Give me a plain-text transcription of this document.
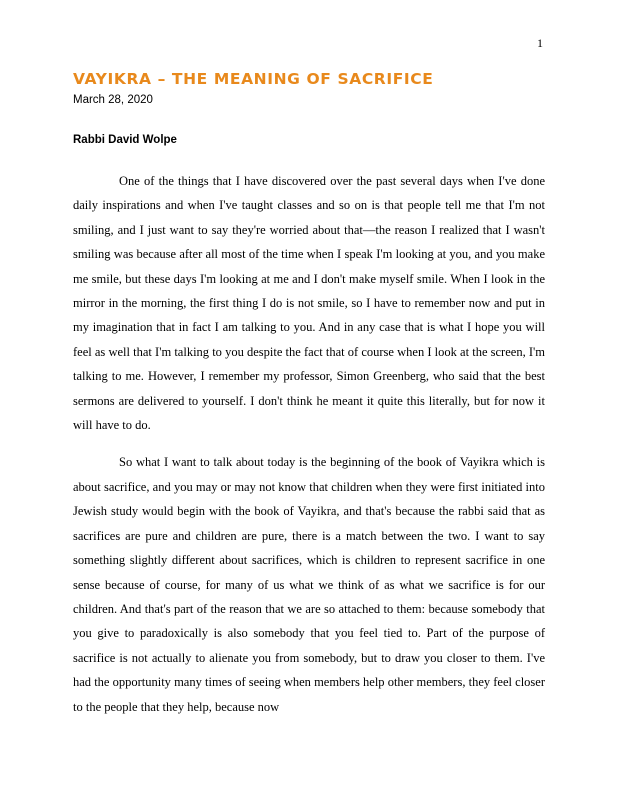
1

VAYIKRA – THE MEANING OF SACRIFICE

March 28, 2020

Rabbi David Wolpe

One of the things that I have discovered over the past several days when I've done daily inspirations and when I've taught classes and so on is that people tell me that I'm not smiling, and I just want to say they're worried about that—the reason I realized that I wasn't smiling was because after all most of the time when I speak I'm looking at you, and you make me smile, but these days I'm looking at me and I don't make myself smile. When I look in the mirror in the morning, the first thing I do is not smile, so I have to remember now and put in my imagination that in fact I am talking to you. And in any case that is what I hope you will feel as well that I'm talking to you despite the fact that of course when I look at the screen, I'm talking to me. However, I remember my professor, Simon Greenberg, who said that the best sermons are delivered to yourself. I don't think he meant it quite this literally, but for now it will have to do.

So what I want to talk about today is the beginning of the book of Vayikra which is about sacrifice, and you may or may not know that children when they were first initiated into Jewish study would begin with the book of Vayikra, and that's because the rabbi said that as sacrifices are pure and children are pure, there is a match between the two. I want to say something slightly different about sacrifices, which is children to represent sacrifice in one sense because of course, for many of us what we think of as what we sacrifice is for our children. And that's part of the reason that we are so attached to them: because somebody that you give to paradoxically is also somebody that you feel tied to. Part of the purpose of sacrifice is not actually to alienate you from somebody, but to draw you closer to them. I've had the opportunity many times of seeing when members help other members, they feel closer to the people that they help, because now
